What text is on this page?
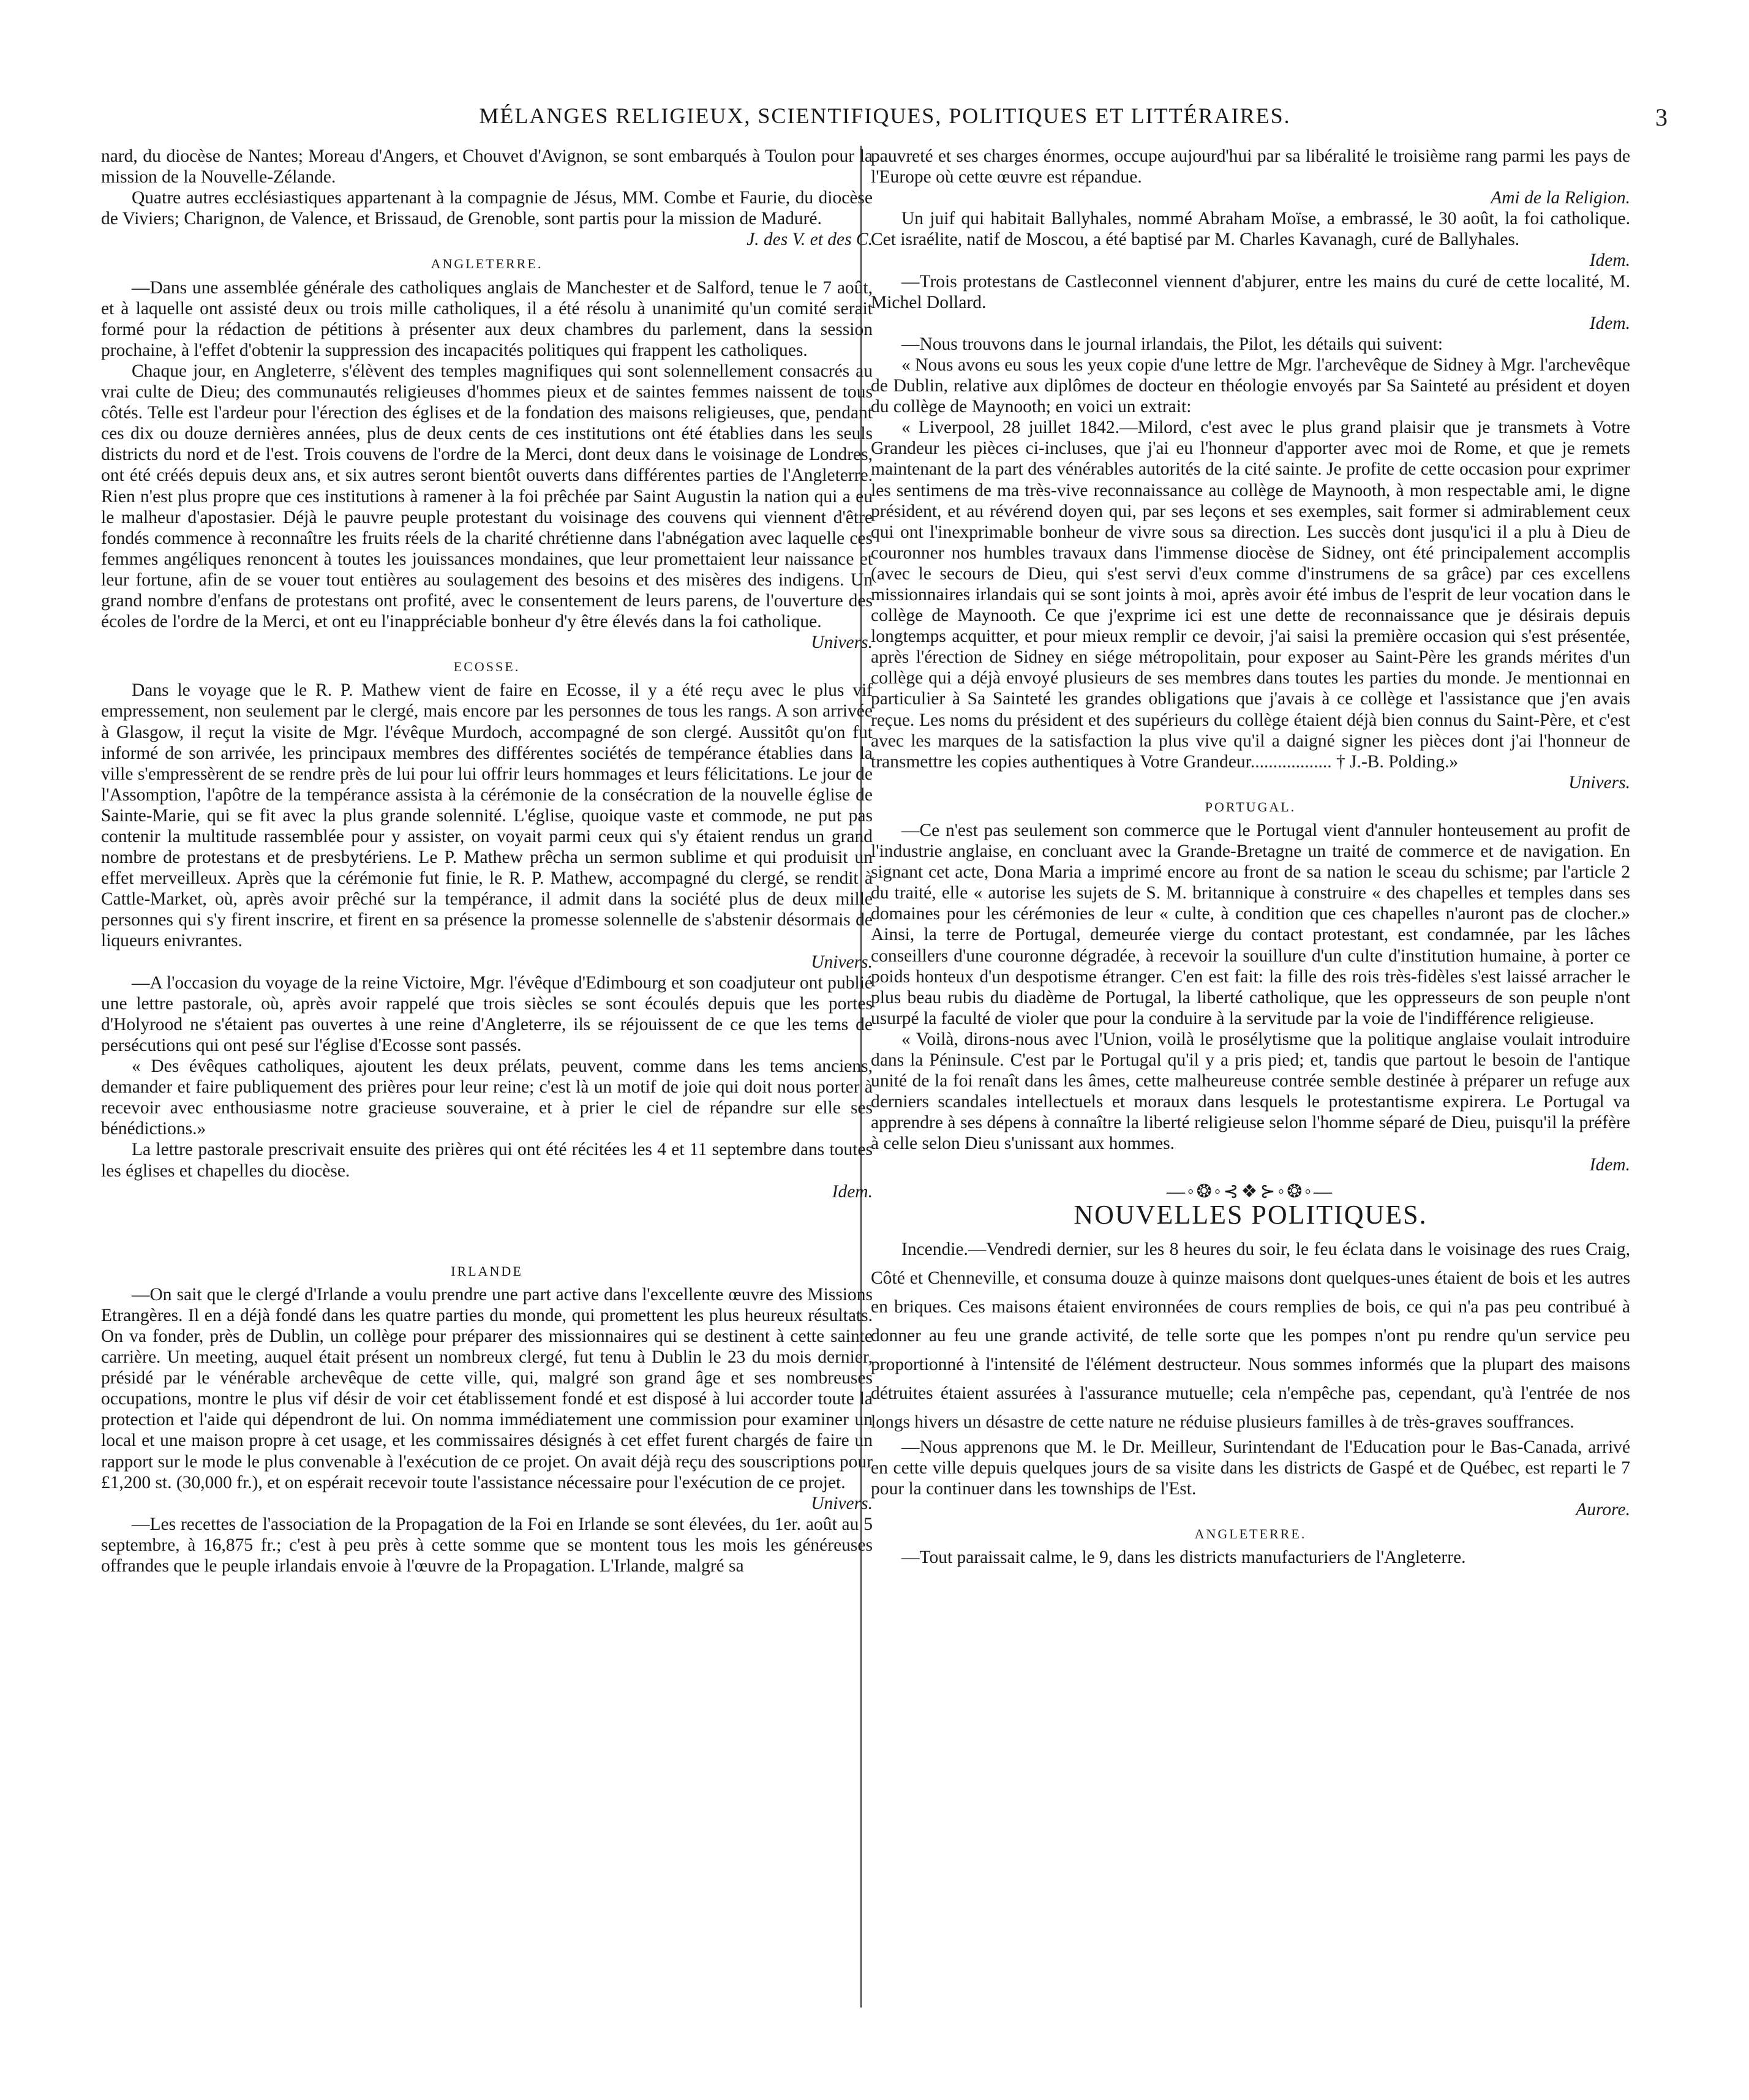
MÉLANGES RELIGIEUX, SCIENTIFIQUES, POLITIQUES ET LITTÉRAIRES.	3

nard, du diocèse de Nantes; Moreau d'Angers, et Chouvet d'Avignon, se sont embarqués à Toulon pour la mission de la Nouvelle-Zélande.

Quatre autres ecclésiastiques appartenant à la compagnie de Jésus, MM. Combe et Faurie, du diocèse de Viviers; Charignon, de Valence, et Brissaud, de Grenoble, sont partis pour la mission de Maduré.

J. des V. et des C.
ANGLETERRE.

—Dans une assemblée générale des catholiques anglais de Manchester et de Salford, tenue le 7 août, et à laquelle ont assisté deux ou trois mille catholiques, il a été résolu à unanimité qu'un comité serait formé pour la rédaction de pétitions à présenter aux deux chambres du parlement, dans la session prochaine, à l'effet d'obtenir la suppression des incapacités politiques qui frappent les catholiques.

Chaque jour, en Angleterre, s'élèvent des temples magnifiques qui sont solennellement consacrés au vrai culte de Dieu; des communautés religieuses d'hommes pieux et de saintes femmes naissent de tous côtés. Telle est l'ardeur pour l'érection des églises et de la fondation des maisons religieuses, que, pendant ces dix ou douze dernières années, plus de deux cents de ces institutions ont été établies dans les seuls districts du nord et de l'est. Trois couvens de l'ordre de la Merci, dont deux dans le voisinage de Londres, ont été créés depuis deux ans, et six autres seront bientôt ouverts dans différentes parties de l'Angleterre. Rien n'est plus propre que ces institutions à ramener à la foi prêchée par Saint Augustin la nation qui a eu le malheur d'apostasier. Déjà le pauvre peuple protestant du voisinage des couvens qui viennent d'être fondés commence à reconnaître les fruits réels de la charité chrétienne dans l'abnégation avec laquelle ces femmes angéliques renoncent à toutes les jouissances mondaines, que leur promettaient leur naissance et leur fortune, afin de se vouer tout entières au soulagement des besoins et des misères des indigens. Un grand nombre d'enfans de protestans ont profité, avec le consentement de leurs parens, de l'ouverture des écoles de l'ordre de la Merci, et ont eu l'inappréciable bonheur d'y être élevés dans la foi catholique.

Univers.
ECOSSE.

Dans le voyage que le R. P. Mathew vient de faire en Ecosse, il y a été reçu avec le plus vif empressement, non seulement par le clergé, mais encore par les personnes de tous les rangs. A son arrivée à Glasgow, il reçut la visite de Mgr. l'évêque Murdoch, accompagné de son clergé. Aussitôt qu'on fut informé de son arrivée, les principaux membres des différentes sociétés de tempérance établies dans la ville s'empressèrent de se rendre près de lui pour lui offrir leurs hommages et leurs félicitations. Le jour de l'Assomption, l'apôtre de la tempérance assista à la cérémonie de la consécration de la nouvelle église de Sainte-Marie, qui se fit avec la plus grande solennité. L'église, quoique vaste et commode, ne put pas contenir la multitude rassemblée pour y assister, on voyait parmi ceux qui s'y étaient rendus un grand nombre de protestans et de presbytériens. Le P. Mathew prêcha un sermon sublime et qui produisit un effet merveilleux. Après que la cérémonie fut finie, le R. P. Mathew, accompagné du clergé, se rendit à Cattle-Market, où, après avoir prêché sur la tempérance, il admit dans la société plus de deux mille personnes qui s'y firent inscrire, et firent en sa présence la promesse solennelle de s'abstenir désormais de liqueurs enivrantes.

Univers.

—A l'occasion du voyage de la reine Victoire, Mgr. l'évêque d'Edimbourg et son coadjuteur ont publié une lettre pastorale, où, après avoir rappelé que trois siècles se sont écoulés depuis que les portes d'Holyrood ne s'étaient pas ouvertes à une reine d'Angleterre, ils se réjouissent de ce que les tems de persécutions qui ont pesé sur l'église d'Ecosse sont passés.

« Des évêques catholiques, ajoutent les deux prélats, peuvent, comme dans les tems anciens, demander et faire publiquement des prières pour leur reine; c'est là un motif de joie qui doit nous porter à recevoir avec enthousiasme notre gracieuse souveraine, et à prier le ciel de répandre sur elle ses bénédictions.»

La lettre pastorale prescrivait ensuite des prières qui ont été récitées les 4 et 11 septembre dans toutes les églises et chapelles du diocèse.

Idem.
IRLANDE

—On sait que le clergé d'Irlande a voulu prendre une part active dans l'excellente œuvre des Missions Etrangères. Il en a déjà fondé dans les quatre parties du monde, qui promettent les plus heureux résultats. On va fonder, près de Dublin, un collège pour préparer des missionnaires qui se destinent à cette sainte carrière. Un meeting, auquel était présent un nombreux clergé, fut tenu à Dublin le 23 du mois dernier, présidé par le vénérable archevêque de cette ville, qui, malgré son grand âge et ses nombreuses occupations, montre le plus vif désir de voir cet établissement fondé et est disposé à lui accorder toute la protection et l'aide qui dépendront de lui. On nomma immédiatement une commission pour examiner un local et une maison propre à cet usage, et les commissaires désignés à cet effet furent chargés de faire un rapport sur le mode le plus convenable à l'exécution de ce projet. On avait déjà reçu des souscriptions pour £1,200 st. (30,000 fr.), et on espérait recevoir toute l'assistance nécessaire pour l'exécution de ce projet.

Univers.

—Les recettes de l'association de la Propagation de la Foi en Irlande se sont élevées, du 1er. août au 5 septembre, à 16,875 fr.; c'est à peu près à cette somme que se montent tous les mois les généreuses offrandes que le peuple irlandais envoie à l'œuvre de la Propagation. L'Irlande, malgré sa

pauvreté et ses charges énormes, occupe aujourd'hui par sa libéralité le troisième rang parmi les pays de l'Europe où cette œuvre est répandue.

Ami de la Religion.

Un juif qui habitait Ballyhales, nommé Abraham Moïse, a embrassé, le 30 août, la foi catholique. Cet israélite, natif de Moscou, a été baptisé par M. Charles Kavanagh, curé de Ballyhales.

Idem.

—Trois protestans de Castleconnel viennent d'abjurer, entre les mains du curé de cette localité, M. Michel Dollard.

Idem.

—Nous trouvons dans le journal irlandais, the Pilot, les détails qui suivent:

« Nous avons eu sous les yeux copie d'une lettre de Mgr. l'archevêque de Sidney à Mgr. l'archevêque de Dublin, relative aux diplômes de docteur en théologie envoyés par Sa Sainteté au président et doyen du collège de Maynooth; en voici un extrait:

« Liverpool, 28 juillet 1842.—Milord, c'est avec le plus grand plaisir que je transmets à Votre Grandeur les pièces ci-incluses, que j'ai eu l'honneur d'apporter avec moi de Rome, et que je remets maintenant de la part des vénérables autorités de la cité sainte. Je profite de cette occasion pour exprimer les sentimens de ma très-vive reconnaissance au collège de Maynooth, à mon respectable ami, le digne président, et au révérend doyen qui, par ses leçons et ses exemples, sait former si admirablement ceux qui ont l'inexprimable bonheur de vivre sous sa direction. Les succès dont jusqu'ici il a plu à Dieu de couronner nos humbles travaux dans l'immense diocèse de Sidney, ont été principalement accomplis (avec le secours de Dieu, qui s'est servi d'eux comme d'instrumens de sa grâce) par ces excellens missionnaires irlandais qui se sont joints à moi, après avoir été imbus de l'esprit de leur vocation dans le collège de Maynooth. Ce que j'exprime ici est une dette de reconnaissance que je désirais depuis longtemps acquitter, et pour mieux remplir ce devoir, j'ai saisi la première occasion qui s'est présentée, après l'érection de Sidney en siége métropolitain, pour exposer au Saint-Père les grands mérites d'un collège qui a déjà envoyé plusieurs de ses membres dans toutes les parties du monde. Je mentionnai en particulier à Sa Sainteté les grandes obligations que j'avais à ce collège et l'assistance que j'en avais reçue. Les noms du président et des supérieurs du collège étaient déjà bien connus du Saint-Père, et c'est avec les marques de la satisfaction la plus vive qu'il a daigné signer les pièces dont j'ai l'honneur de transmettre les copies authentiques à Votre Grandeur.................. † J.-B. Polding.»

Univers.
PORTUGAL.

—Ce n'est pas seulement son commerce que le Portugal vient d'annuler honteusement au profit de l'industrie anglaise, en concluant avec la Grande-Bretagne un traité de commerce et de navigation. En signant cet acte, Dona Maria a imprimé encore au front de sa nation le sceau du schisme; par l'article 2 du traité, elle « autorise les sujets de S. M. britannique à construire « des chapelles et temples dans ses domaines pour les cérémonies de leur « culte, à condition que ces chapelles n'auront pas de clocher.» Ainsi, la terre de Portugal, demeurée vierge du contact protestant, est condamnée, par les lâches conseillers d'une couronne dégradée, à recevoir la souillure d'un culte d'institution humaine, à porter ce poids honteux d'un despotisme étranger. C'en est fait: la fille des rois très-fidèles s'est laissé arracher le plus beau rubis du diadème de Portugal, la liberté catholique, que les oppresseurs de son peuple n'ont usurpé la faculté de violer que pour la conduire à la servitude par la voie de l'indifférence religieuse.

« Voilà, dirons-nous avec l'Union, voilà le prosélytisme que la politique anglaise voulait introduire dans la Péninsule. C'est par le Portugal qu'il y a pris pied; et, tandis que partout le besoin de l'antique unité de la foi renaît dans les âmes, cette malheureuse contrée semble destinée à préparer un refuge aux derniers scandales intellectuels et moraux dans lesquels le protestantisme expirera. Le Portugal va apprendre à ses dépens à connaître la liberté religieuse selon l'homme séparé de Dieu, puisqu'il la préfère à celle selon Dieu s'unissant aux hommes.

Idem.
—◦❂◦⊰❖⊱◦❂◦—
NOUVELLES POLITIQUES.

Incendie.—Vendredi dernier, sur les 8 heures du soir, le feu éclata dans le voisinage des rues Craig, Côté et Chenneville, et consuma douze à quinze maisons dont quelques-unes étaient de bois et les autres en briques. Ces maisons étaient environnées de cours remplies de bois, ce qui n'a pas peu contribué à donner au feu une grande activité, de telle sorte que les pompes n'ont pu rendre qu'un service peu proportionné à l'intensité de l'élément destructeur. Nous sommes informés que la plupart des maisons détruites étaient assurées à l'assurance mutuelle; cela n'empêche pas, cependant, qu'à l'entrée de nos longs hivers un désastre de cette nature ne réduise plusieurs familles à de très-graves souffrances.

—Nous apprenons que M. le Dr. Meilleur, Surintendant de l'Education pour le Bas-Canada, arrivé en cette ville depuis quelques jours de sa visite dans les districts de Gaspé et de Québec, est reparti le 7 pour la continuer dans les townships de l'Est.

Aurore.
ANGLETERRE.

—Tout paraissait calme, le 9, dans les districts manufacturiers de l'Angleterre.
